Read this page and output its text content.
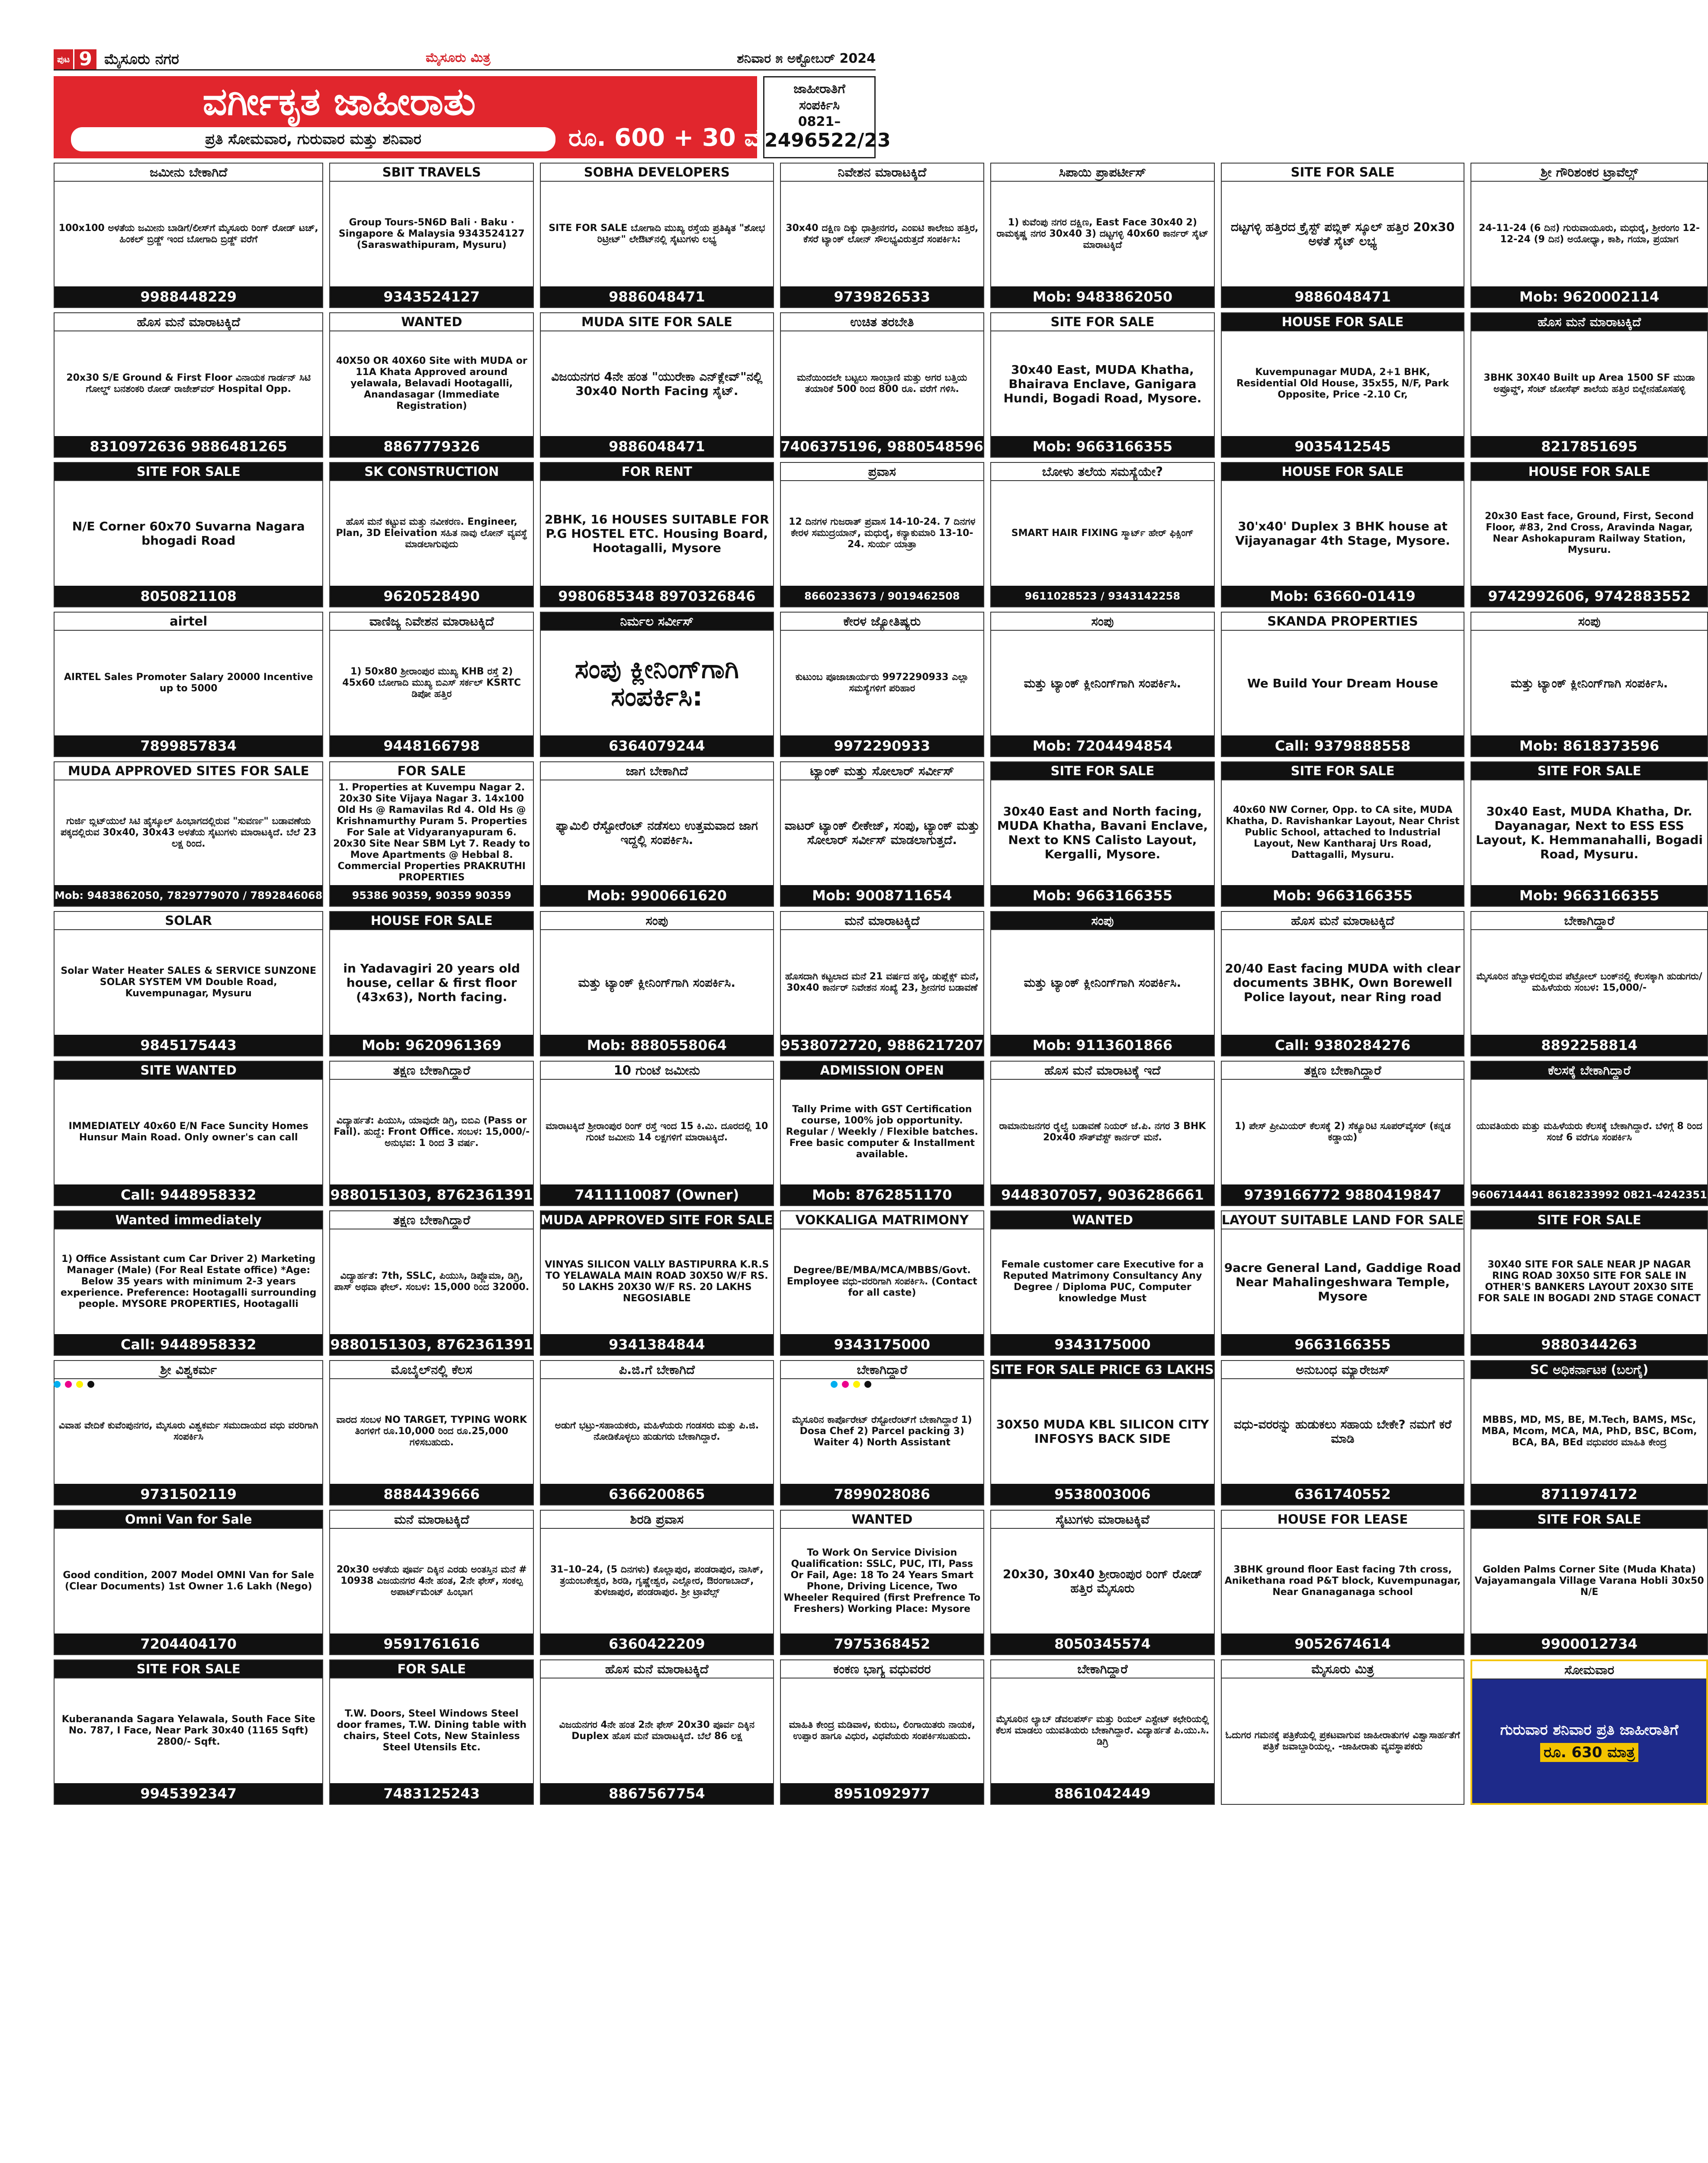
ಪುಟ 9 ಮೈಸೂರು ನಗರ	ಮೈಸೂರು ಮಿತ್ರ	ಶನಿವಾರ ೫ ಅಕ್ಟೋಬರ್ 2024
ವರ್ಗೀಕೃತ ಜಾಹೀರಾತು
ಪ್ರತಿ ಸೋಮವಾರ, ಗುರುವಾರ ಮತ್ತು ಶನಿವಾರ	ರೂ. 600 + 30 ಮಾತ್ರ
ಜಾಹೀರಾತಿಗೆ
ಸಂಪರ್ಕಿಸಿ
0821–
2496522/23
ಜಮೀನು ಬೇಕಾಗಿದೆ
100x100 ಅಳತೆಯ ಜಮೀನು ಬಾಡಿಗೆ/ಲೀಸ್‌ಗೆ ಮೈಸೂರು ರಿಂಗ್ ರೋಡ್ ಟಚ್, ಹಿಂಕಲ್ ಬ್ರಿಡ್ಜ್ ಇಂದ ಬೋಗಾದಿ ಬ್ರಿಡ್ಜ್ ವರೆಗೆ
9988448229
ಹೊಸ ಮನೆ ಮಾರಾಟಕ್ಕಿದೆ
20x30 S/E Ground & First Floor ವಿನಾಯಕ ಗಾರ್ಡನ್ ಸಿಟಿ ಗೋಲ್ಡ್ ಬನಶಂಕರಿ ರೋಡ್ ರಾಜೇಶ್‌ವರ್ Hospital Opp.
8310972636 9886481265
SITE FOR SALE
N/E Corner 60x70 Suvarna Nagara bhogadi Road
8050821108
airtel
AIRTEL Sales Promoter Salary 20000 Incentive up to 5000
7899857834
MUDA APPROVED SITES FOR SALE
ಗುರ್ಜಿ ಬ್ಲಿಟ್‌ಯುಲೆ ಸಿಟಿ ಹೈಸ್ಕೂಲ್ ಹಿಂಭಾಗದಲ್ಲಿರುವ "ಸುವರ್ಣ" ಬಡಾವಣೆಯ ಪಕ್ಕದಲ್ಲಿರುವ 30x40, 30x43 ಅಳತೆಯ ಸೈಟುಗಳು ಮಾರಾಟಕ್ಕಿದೆ. ಬೆಲೆ 23 ಲಕ್ಷ ರಿಂದ.
Mob: 9483862050, 7829779070 / 7892846068
SOLAR
Solar Water Heater SALES & SERVICE SUNZONE SOLAR SYSTEM VM Double Road, Kuvempunagar, Mysuru
9845175443
SITE WANTED
IMMEDIATELY 40x60 E/N Face Suncity Homes Hunsur Main Road. Only owner's can call
Call: 9448958332
Wanted immediately
1) Office Assistant cum Car Driver 2) Marketing Manager (Male) (For Real Estate office) *Age: Below 35 years with minimum 2-3 years experience. Preference: Hootagalli surrounding people. MYSORE PROPERTIES, Hootagalli
Call: 9448958332
ಶ್ರೀ ವಿಶ್ವಕರ್ಮ
ವಿವಾಹ ವೇದಿಕೆ ಕುವೆಂಪುನಗರ, ಮೈಸೂರು ವಿಶ್ವಕರ್ಮ ಸಮುದಾಯದ ವಧು ವರರಿಗಾಗಿ ಸಂಪರ್ಕಿಸಿ
9731502119
Omni Van for Sale
Good condition, 2007 Model OMNI Van for Sale (Clear Documents) 1st Owner 1.6 Lakh (Nego)
7204404170
SITE FOR SALE
Kuberananda Sagara Yelawala, South Face Site No. 787, I Face, Near Park 30x40 (1165 Sqft) 2800/- Sqft.
9945392347
SBIT TRAVELS
Group Tours-5N6D Bali · Baku · Singapore & Malaysia 9343524127 (Saraswathipuram, Mysuru)
9343524127
WANTED
40X50 OR 40X60 Site with MUDA or 11A Khata Approved around yelawala, Belavadi Hootagalli, Anandasagar (Immediate Registration)
8867779326
SK CONSTRUCTION
ಹೊಸ ಮನೆ ಕಟ್ಟುವ ಮತ್ತು ನವೀಕರಣ. Engineer, Plan, 3D Eleivation ಸಹಿತ ನಾವು ಲೋನ್ ವ್ಯವಸ್ಥೆ ಮಾಡಲಾಗುವುದು
9620528490
ವಾಣಿಜ್ಯ ನಿವೇಶನ ಮಾರಾಟಕ್ಕಿದೆ
1) 50x80 ಶ್ರೀರಾಂಪುರ ಮುಖ್ಯ KHB ರಸ್ತೆ 2) 45x60 ಬೋಗಾದಿ ಮುಖ್ಯ ಬಿಎಸ್ ಸರ್ಕಲ್ KSRTC ಡಿಪೋ ಹತ್ತಿರ
9448166798
FOR SALE
1. Properties at Kuvempu Nagar 2. 20x30 Site Vijaya Nagar 3. 14x100 Old Hs @ Ramavilas Rd 4. Old Hs @ Krishnamurthy Puram 5. Properties For Sale at Vidyaranyapuram 6. 20x30 Site Near SBM Lyt 7. Ready to Move Apartments @ Hebbal 8. Commercial Properties PRAKRUTHI PROPERTIES
95386 90359, 90359 90359
HOUSE FOR SALE
in Yadavagiri 20 years old house, cellar & first floor (43x63), North facing.
Mob: 9620961369
ತಕ್ಷಣ ಬೇಕಾಗಿದ್ದಾರೆ
ವಿದ್ಯಾರ್ಹತೆ: ಪಿಯುಸಿ, ಯಾವುದೇ ಡಿಗ್ರಿ, ಬಿಬಿಎ (Pass or Fail). ಹುದ್ದೆ: Front Office. ಸಂಬಳ: 15,000/- ಅನುಭವ: 1 ರಿಂದ 3 ವರ್ಷ.
9880151303, 8762361391
ತಕ್ಷಣ ಬೇಕಾಗಿದ್ದಾರೆ
ವಿದ್ಯಾರ್ಹತೆ: 7th, SSLC, ಪಿಯುಸಿ, ಡಿಪ್ಲೊಮಾ, ಡಿಗ್ರಿ, ಪಾಸ್ ಅಥವಾ ಫೇಲ್. ಸಂಬಳ: 15,000 ರಿಂದ 32000.
9880151303, 8762361391
ಮೊಬೈಲ್‌ನಲ್ಲಿ ಕೆಲಸ
ವಾರದ ಸಂಬಳ NO TARGET, TYPING WORK ತಿಂಗಳಿಗೆ ರೂ.10,000 ರಿಂದ ರೂ.25,000 ಗಳಿಸಬಹುದು.
8884439666
ಮನೆ ಮಾರಾಟಕ್ಕಿದೆ
20x30 ಅಳತೆಯ ಪೂರ್ವ ದಿಕ್ಕಿನ ಎರಡು ಅಂತಸ್ತಿನ ಮನೆ # 10938 ವಿಜಯನಗರ 4ನೇ ಹಂತ, 2ನೇ ಫೇಸ್, ಸಂಕಲ್ಪ ಅಪಾರ್ಟ್‌ಮೆಂಟ್ ಹಿಂಭಾಗ
9591761616
FOR SALE
T.W. Doors, Steel Windows Steel door frames, T.W. Dining table with chairs, Steel Cots, New Stainless Steel Utensils Etc.
7483125243
SOBHA DEVELOPERS
SITE FOR SALE ಬೋಗಾದಿ ಮುಖ್ಯ ರಸ್ತೆಯ ಪ್ರತಿಷ್ಠಿತ "ಶೋಭ ರಿಟ್ರೀಟ್" ಲೇಔಟ್‌ನಲ್ಲಿ ಸೈಟುಗಳು ಲಭ್ಯ
9886048471
MUDA SITE FOR SALE
ವಿಜಯನಗರ 4ನೇ ಹಂತ "ಯುರೇಕಾ ಎನ್‌ಕ್ಲೇವ್"ನಲ್ಲಿ 30x40 North Facing ಸೈಟ್.
9886048471
FOR RENT
2BHK, 16 HOUSES SUITABLE FOR P.G HOSTEL ETC. Housing Board, Hootagalli, Mysore
9980685348 8970326846
ನಿರ್ಮಲ ಸರ್ವೀಸ್
ಸಂಪು ಕ್ಲೀನಿಂಗ್‌ಗಾಗಿ ಸಂಪರ್ಕಿಸಿ:
6364079244
ಜಾಗ ಬೇಕಾಗಿದೆ
ಫ್ಯಾಮಿಲಿ ರೆಸ್ಟೋರೆಂಟ್ ನಡೆಸಲು ಉತ್ತಮವಾದ ಜಾಗ ಇದ್ದಲ್ಲಿ ಸಂಪರ್ಕಿಸಿ.
Mob: 9900661620
ಸಂಪು
ಮತ್ತು ಟ್ಯಾಂಕ್ ಕ್ಲೀನಿಂಗ್‌ಗಾಗಿ ಸಂಪರ್ಕಿಸಿ.
Mob: 8880558064
10 ಗುಂಟೆ ಜಮೀನು
ಮಾರಾಟಕ್ಕಿದೆ ಶ್ರೀರಾಂಪುರ ರಿಂಗ್ ರಸ್ತೆ ಇಂದ 15 ಕಿ.ಮಿ. ದೂರದಲ್ಲಿ 10 ಗುಂಟೆ ಜಮೀನು 14 ಲಕ್ಷಗಳಿಗೆ ಮಾರಾಟಕ್ಕಿದೆ.
7411110087 (Owner)
MUDA APPROVED SITE FOR SALE
VINYAS SILICON VALLY BASTIPURRA K.R.S TO YELAWALA MAIN ROAD 30X50 W/F RS. 50 LAKHS 20X30 W/F RS. 20 LAKHS NEGOSIABLE
9341384844
ಪಿ.ಜಿ.ಗೆ ಬೇಕಾಗಿದೆ
ಅಡುಗೆ ಭಟ್ರು-ಸಹಾಯಕರು, ಮಹಿಳೆಯರು ಗಂಡಸರು ಮತ್ತು ಪಿ.ಜಿ. ನೋಡಿಕೊಳ್ಳಲು ಹುಡುಗರು ಬೇಕಾಗಿದ್ದಾರೆ.
6366200865
ಶಿರಡಿ ಪ್ರವಾಸ
31–10–24, (5 ದಿನಗಳು) ಕೊಲ್ಲಾಪುರ, ಪಂಡರಾಪುರ, ನಾಸಿಕ್, ತ್ರಯಂಬಕೇಶ್ವರ, ಶಿರಡಿ, ಗೃಷ್ಣೇಶ್ವರ, ಎಲ್ಲೋರ, ಔರಂಗಾಬಾದ್, ತುಳಜಾಪುರ, ಪಂಡರಾಪುರ. ಶ್ರೀ ಟ್ರಾವೆಲ್ಸ್
6360422209
ಹೊಸ ಮನೆ ಮಾರಾಟಕ್ಕಿದೆ
ವಿಜಯನಗರ 4ನೇ ಹಂತ 2ನೇ ಫೇಸ್ 20x30 ಪೂರ್ವ ದಿಕ್ಕಿನ Duplex ಹೊಸ ಮನೆ ಮಾರಾಟಕ್ಕಿದೆ. ಬೆಲೆ 86 ಲಕ್ಷ
8867567754
ನಿವೇಶನ ಮಾರಾಟಕ್ಕಿದೆ
30x40 ದಕ್ಷಿಣ ದಿಕ್ಕು ಧಾತ್ರೀನಗರ, ಎಂಐಟಿ ಕಾಲೇಜು ಹತ್ತಿರ, ಕೆಸರೆ ಟ್ಯಾಂಕ್ ಲೋನ್ ಸೌಲಭ್ಯವಿರುತ್ತದೆ ಸಂಪರ್ಕಿಸಿ:
9739826533
ಉಚಿತ ತರಬೇತಿ
ಮನೆಯಿಂದಲೇ ಬಟ್ಟಲು ಸಾಂಬ್ರಾಣಿ ಮತ್ತು ಅಗರ ಬತ್ತಿಯ ತಯಾರಿಕೆ 500 ರಿಂದ 800 ರೂ. ವರೆಗೆ ಗಳಿಸಿ.
7406375196, 9880548596
ಪ್ರವಾಸ
12 ದಿನಗಳ ಗುಜರಾತ್ ಪ್ರವಾಸ 14-10-24. 7 ದಿನಗಳ ಕೇರಳ ಸಮುದ್ರಯಾನ್, ಮಧುರೈ, ಕನ್ಯಾಕುಮಾರಿ 13-10-24. ಸುರ್ಯ ಯಾತ್ರಾ
8660233673 / 9019462508
ಕೇರಳ ಜ್ಯೋತಿಷ್ಯರು
ಕುಟುಂಬ ಪೂಜಾಚಾರ್ಯರು 9972290933 ಎಲ್ಲಾ ಸಮಸ್ಯೆಗಳಿಗೆ ಪರಿಹಾರ
9972290933
ಟ್ಯಾಂಕ್ ಮತ್ತು ಸೋಲಾರ್ ಸರ್ವೀಸ್
ವಾಟರ್ ಟ್ಯಾಂಕ್ ಲೀಕೇಜ್, ಸಂಪು, ಟ್ಯಾಂಕ್ ಮತ್ತು ಸೋಲಾರ್ ಸರ್ವೀಸ್ ಮಾಡಲಾಗುತ್ತದೆ.
Mob: 9008711654
ಮನೆ ಮಾರಾಟಕ್ಕಿದೆ
ಹೊಸದಾಗಿ ಕಟ್ಟಲಾದ ಮನೆ 21 ವರ್ಷದ ಹಳ್ಳಿ, ಡುಪ್ಲೆಕ್ಸ್ ಮನೆ, 30x40 ಕಾರ್ನರ್ ನಿವೇಶನ ಸಂಖ್ಯೆ 23, ಶ್ರೀನಗರ ಬಡಾವಣೆ
9538072720, 9886217207
ADMISSION OPEN
Tally Prime with GST Certification course, 100% job opportunity. Regular / Weekly / Flexible batches. Free basic computer & Installment available.
Mob: 8762851170
VOKKALIGA MATRIMONY
Degree/BE/MBA/MCA/MBBS/Govt. Employee ವಧು-ವರರಿಗಾಗಿ ಸಂಪರ್ಕಿಸಿ. (Contact for all caste)
9343175000
ಬೇಕಾಗಿದ್ದಾರೆ
ಮೈಸೂರಿನ ಕಾರ್ಪೊರೇಟ್ ರೆಸ್ಟೋರೆಂಟ್‌ಗೆ ಬೇಕಾಗಿದ್ದಾರೆ 1) Dosa Chef 2) Parcel packing 3) Waiter 4) North Assistant
7899028086
WANTED
To Work On Service Division Qualification: SSLC, PUC, ITI, Pass Or Fail, Age: 18 To 24 Years Smart Phone, Driving Licence, Two Wheeler Required (first Prefrence To Freshers) Working Place: Mysore
7975368452
ಕಂಕಣ ಭಾಗ್ಯ ವಧುವರರ
ಮಾಹಿತಿ ಕೇಂದ್ರ ಮಡಿವಾಳ, ಕುರುಬ, ಲಿಂಗಾಯಿತರು ನಾಯಕ, ಉಪ್ಪಾರ ಹಾಗೂ ವಿಧುರ, ವಿಧವೆಯರು ಸಂಪರ್ಕಿಸಬಹುದು.
8951092977
ಸಿಪಾಯಿ ಪ್ರಾಪರ್ಟೀಸ್
1) ಕುವೆಂಪು ನಗರ ದಕ್ಷಿಣ, East Face 30x40 2) ರಾಮಕೃಷ್ಣ ನಗರ 30x40 3) ದಟ್ಟಗಳ್ಳಿ 40x60 ಕಾರ್ನರ್ ಸೈಟ್ ಮಾರಾಟಕ್ಕಿದೆ
Mob: 9483862050
SITE FOR SALE
30x40 East, MUDA Khatha, Bhairava Enclave, Ganigara Hundi, Bogadi Road, Mysore.
Mob: 9663166355
ಬೋಳು ತಲೆಯ ಸಮಸ್ಯೆಯೇ?
SMART HAIR FIXING ಸ್ಮಾರ್ಟ್ ಹೇರ್ ಫಿಕ್ಸಿಂಗ್
9611028523 / 9343142258
ಸಂಪು
ಮತ್ತು ಟ್ಯಾಂಕ್ ಕ್ಲೀನಿಂಗ್‌ಗಾಗಿ ಸಂಪರ್ಕಿಸಿ.
Mob: 7204494854
SITE FOR SALE
30x40 East and North facing, MUDA Khatha, Bavani Enclave, Next to KNS Calisto Layout, Kergalli, Mysore.
Mob: 9663166355
ಸಂಪು
ಮತ್ತು ಟ್ಯಾಂಕ್ ಕ್ಲೀನಿಂಗ್‌ಗಾಗಿ ಸಂಪರ್ಕಿಸಿ.
Mob: 9113601866
ಹೊಸ ಮನೆ ಮಾರಾಟಕ್ಕೆ ಇದೆ
ರಾಮಾನುಜನಗರ ರೈಲ್ವೆ ಬಡಾವಣೆ ನಿಯರ್ ಜೆ.ಪಿ. ನಗರ 3 BHK 20x40 ಸೌತ್‌ವೆಸ್ಟ್ ಕಾರ್ನರ್ ಮನೆ.
9448307057, 9036286661
WANTED
Female customer care Executive for a Reputed Matrimony Consultancy Any Degree / Diploma PUC, Computer knowledge Must
9343175000
SITE FOR SALE PRICE 63 LAKHS
30X50 MUDA KBL SILICON CITY INFOSYS BACK SIDE
9538003006
ಸೈಟುಗಳು ಮಾರಾಟಕ್ಕಿವೆ
20x30, 30x40 ಶ್ರೀರಾಂಪುರ ರಿಂಗ್ ರೋಡ್ ಹತ್ತಿರ ಮೈಸೂರು
8050345574
ಬೇಕಾಗಿದ್ದಾರೆ
ಮೈಸೂರಿನ ಲ್ಯಾಬ್ ಡೆವಲಪರ್ಸ್ ಮತ್ತು ರಿಯಲ್ ಎಸ್ಟೇಟ್ ಕಛೇರಿಯಲ್ಲಿ ಕೆಲಸ ಮಾಡಲು ಯುವತಿಯರು ಬೇಕಾಗಿದ್ದಾರೆ. ವಿದ್ಯಾರ್ಹತೆ ಪಿ.ಯು.ಸಿ. ಡಿಗ್ರಿ
8861042449
SITE FOR SALE
ದಟ್ಟಗಳ್ಳಿ ಹತ್ತಿರದ ಕ್ರೈಸ್ಟ್ ಪಬ್ಲಿಕ್ ಸ್ಕೂಲ್ ಹತ್ತಿರ 20x30 ಅಳತೆ ಸೈಟ್ ಲಭ್ಯ
9886048471
HOUSE FOR SALE
Kuvempunagar MUDA, 2+1 BHK, Residential Old House, 35x55, N/F, Park Opposite, Price -2.10 Cr,
9035412545
HOUSE FOR SALE
30'x40' Duplex 3 BHK house at Vijayanagar 4th Stage, Mysore.
Mob: 63660-01419
SKANDA PROPERTIES
We Build Your Dream House
Call: 9379888558
SITE FOR SALE
40x60 NW Corner, Opp. to CA site, MUDA Khatha, D. Ravishankar Layout, Near Christ Public School, attached to Industrial Layout, New Kantharaj Urs Road, Dattagalli, Mysuru.
Mob: 9663166355
ಹೊಸ ಮನೆ ಮಾರಾಟಕ್ಕಿದೆ
20/40 East facing MUDA with clear documents 3BHK, Own Borewell Police layout, near Ring road
Call: 9380284276
ತಕ್ಷಣ ಬೇಕಾಗಿದ್ದಾರೆ
1) ಪೇಸ್ ಪ್ರೀಮಿಯರ್ ಕೆಲಸಕ್ಕೆ 2) ಸೆಕ್ಯೂರಿಟಿ ಸೂಪರ್‌ವೈಸರ್ (ಕನ್ನಡ ಕಡ್ಡಾಯ)
9739166772 9880419847
LAYOUT SUITABLE LAND FOR SALE
9acre General Land, Gaddige Road Near Mahalingeshwara Temple, Mysore
9663166355
ಅನುಬಂಧ ಮ್ಯಾರೇಜಸ್
ವಧು-ವರರನ್ನು ಹುಡುಕಲು ಸಹಾಯ ಬೇಕೇ? ನಮಗೆ ಕರೆ ಮಾಡಿ
6361740552
HOUSE FOR LEASE
3BHK ground floor East facing 7th cross, Anikethana road P&T block, Kuvempunagar, Near Gnanaganaga school
9052674614
ಮೈಸೂರು ಮಿತ್ರ
ಓದುಗರ ಗಮನಕ್ಕೆ ಪತ್ರಿಕೆಯಲ್ಲಿ ಪ್ರಕಟವಾಗುವ ಜಾಹೀರಾತುಗಳ ವಿಶ್ವಾಸಾರ್ಹತೆಗೆ ಪತ್ರಿಕೆ ಜವಾಬ್ದಾರಿಯಲ್ಲ. -ಜಾಹೀರಾತು ವ್ಯವಸ್ಥಾಪಕರು
ಶ್ರೀ ಗೌರಿಶಂಕರ ಟ್ರಾವೆಲ್ಸ್
24-11-24 (6 ದಿನ) ಗುರುವಾಯೂರು, ಮಧುರೈ, ಶ್ರೀರಂಗಂ 12-12-24 (9 ದಿನ) ಅಯೋಧ್ಯಾ, ಕಾಶಿ, ಗಯಾ, ಪ್ರಯಾಗ
Mob: 9620002114
ಹೊಸ ಮನೆ ಮಾರಾಟಕ್ಕಿದೆ
3BHK 30X40 Built up Area 1500 SF ಮುಡಾ ಅಪ್ರೂವ್ಡ್, ಸೆಂಟ್ ಜೋಸೆಫ್ ಶಾಲೆಯ ಹತ್ತಿರ ಬಿಲ್ಲೇನಹೊಸಹಳ್ಳಿ
8217851695
HOUSE FOR SALE
20x30 East face, Ground, First, Second Floor, #83, 2nd Cross, Aravinda Nagar, Near Ashokapuram Railway Station, Mysuru.
9742992606, 9742883552
ಸಂಪು
ಮತ್ತು ಟ್ಯಾಂಕ್ ಕ್ಲೀನಿಂಗ್‌ಗಾಗಿ ಸಂಪರ್ಕಿಸಿ.
Mob: 8618373596
SITE FOR SALE
30x40 East, MUDA Khatha, Dr. Dayanagar, Next to ESS ESS Layout, K. Hemmanahalli, Bogadi Road, Mysuru.
Mob: 9663166355
ಬೇಕಾಗಿದ್ದಾರೆ
ಮೈಸೂರಿನ ಹೆಬ್ಬಾಳದಲ್ಲಿರುವ ಪೆಟ್ರೋಲ್ ಬಂಕ್‌ನಲ್ಲಿ ಕೆಲಸಕ್ಕಾಗಿ ಹುಡುಗರು/ಮಹಿಳೆಯರು ಸಂಬಳ: 15,000/-
8892258814
ಕೆಲಸಕ್ಕೆ ಬೇಕಾಗಿದ್ದಾರೆ
ಯುವತಿಯರು ಮತ್ತು ಮಹಿಳೆಯರು ಕೆಲಸಕ್ಕೆ ಬೇಕಾಗಿದ್ದಾರೆ. ಬೆಳಿಗ್ಗೆ 8 ರಿಂದ ಸಂಜೆ 6 ವರೆಗೂ ಸಂಪರ್ಕಿಸಿ
9606714441 8618233992 0821-4242351
SITE FOR SALE
30X40 SITE FOR SALE NEAR JP NAGAR RING ROAD 30X50 SITE FOR SALE IN OTHER'S BANKERS LAYOUT 20X30 SITE FOR SALE IN BOGADI 2ND STAGE CONACT
9880344263
SC ಅಧಿಕರ್ನಾಟಕ (ಬಲಗೈ)
MBBS, MD, MS, BE, M.Tech, BAMS, MSc, MBA, Mcom, MCA, MA, PhD, BSC, BCom, BCA, BA, BEd ವಧುವರರ ಮಾಹಿತಿ ಕೇಂದ್ರ
8711974172
SITE FOR SALE
Golden Palms Corner Site (Muda Khata) Vajayamangala Village Varana Hobli 30x50 N/E
9900012734
ಸೋಮವಾರ
ಗುರುವಾರ ಶನಿವಾರ ಪ್ರತಿ ಜಾಹೀರಾತಿಗೆ
ರೂ. 630 ಮಾತ್ರ
